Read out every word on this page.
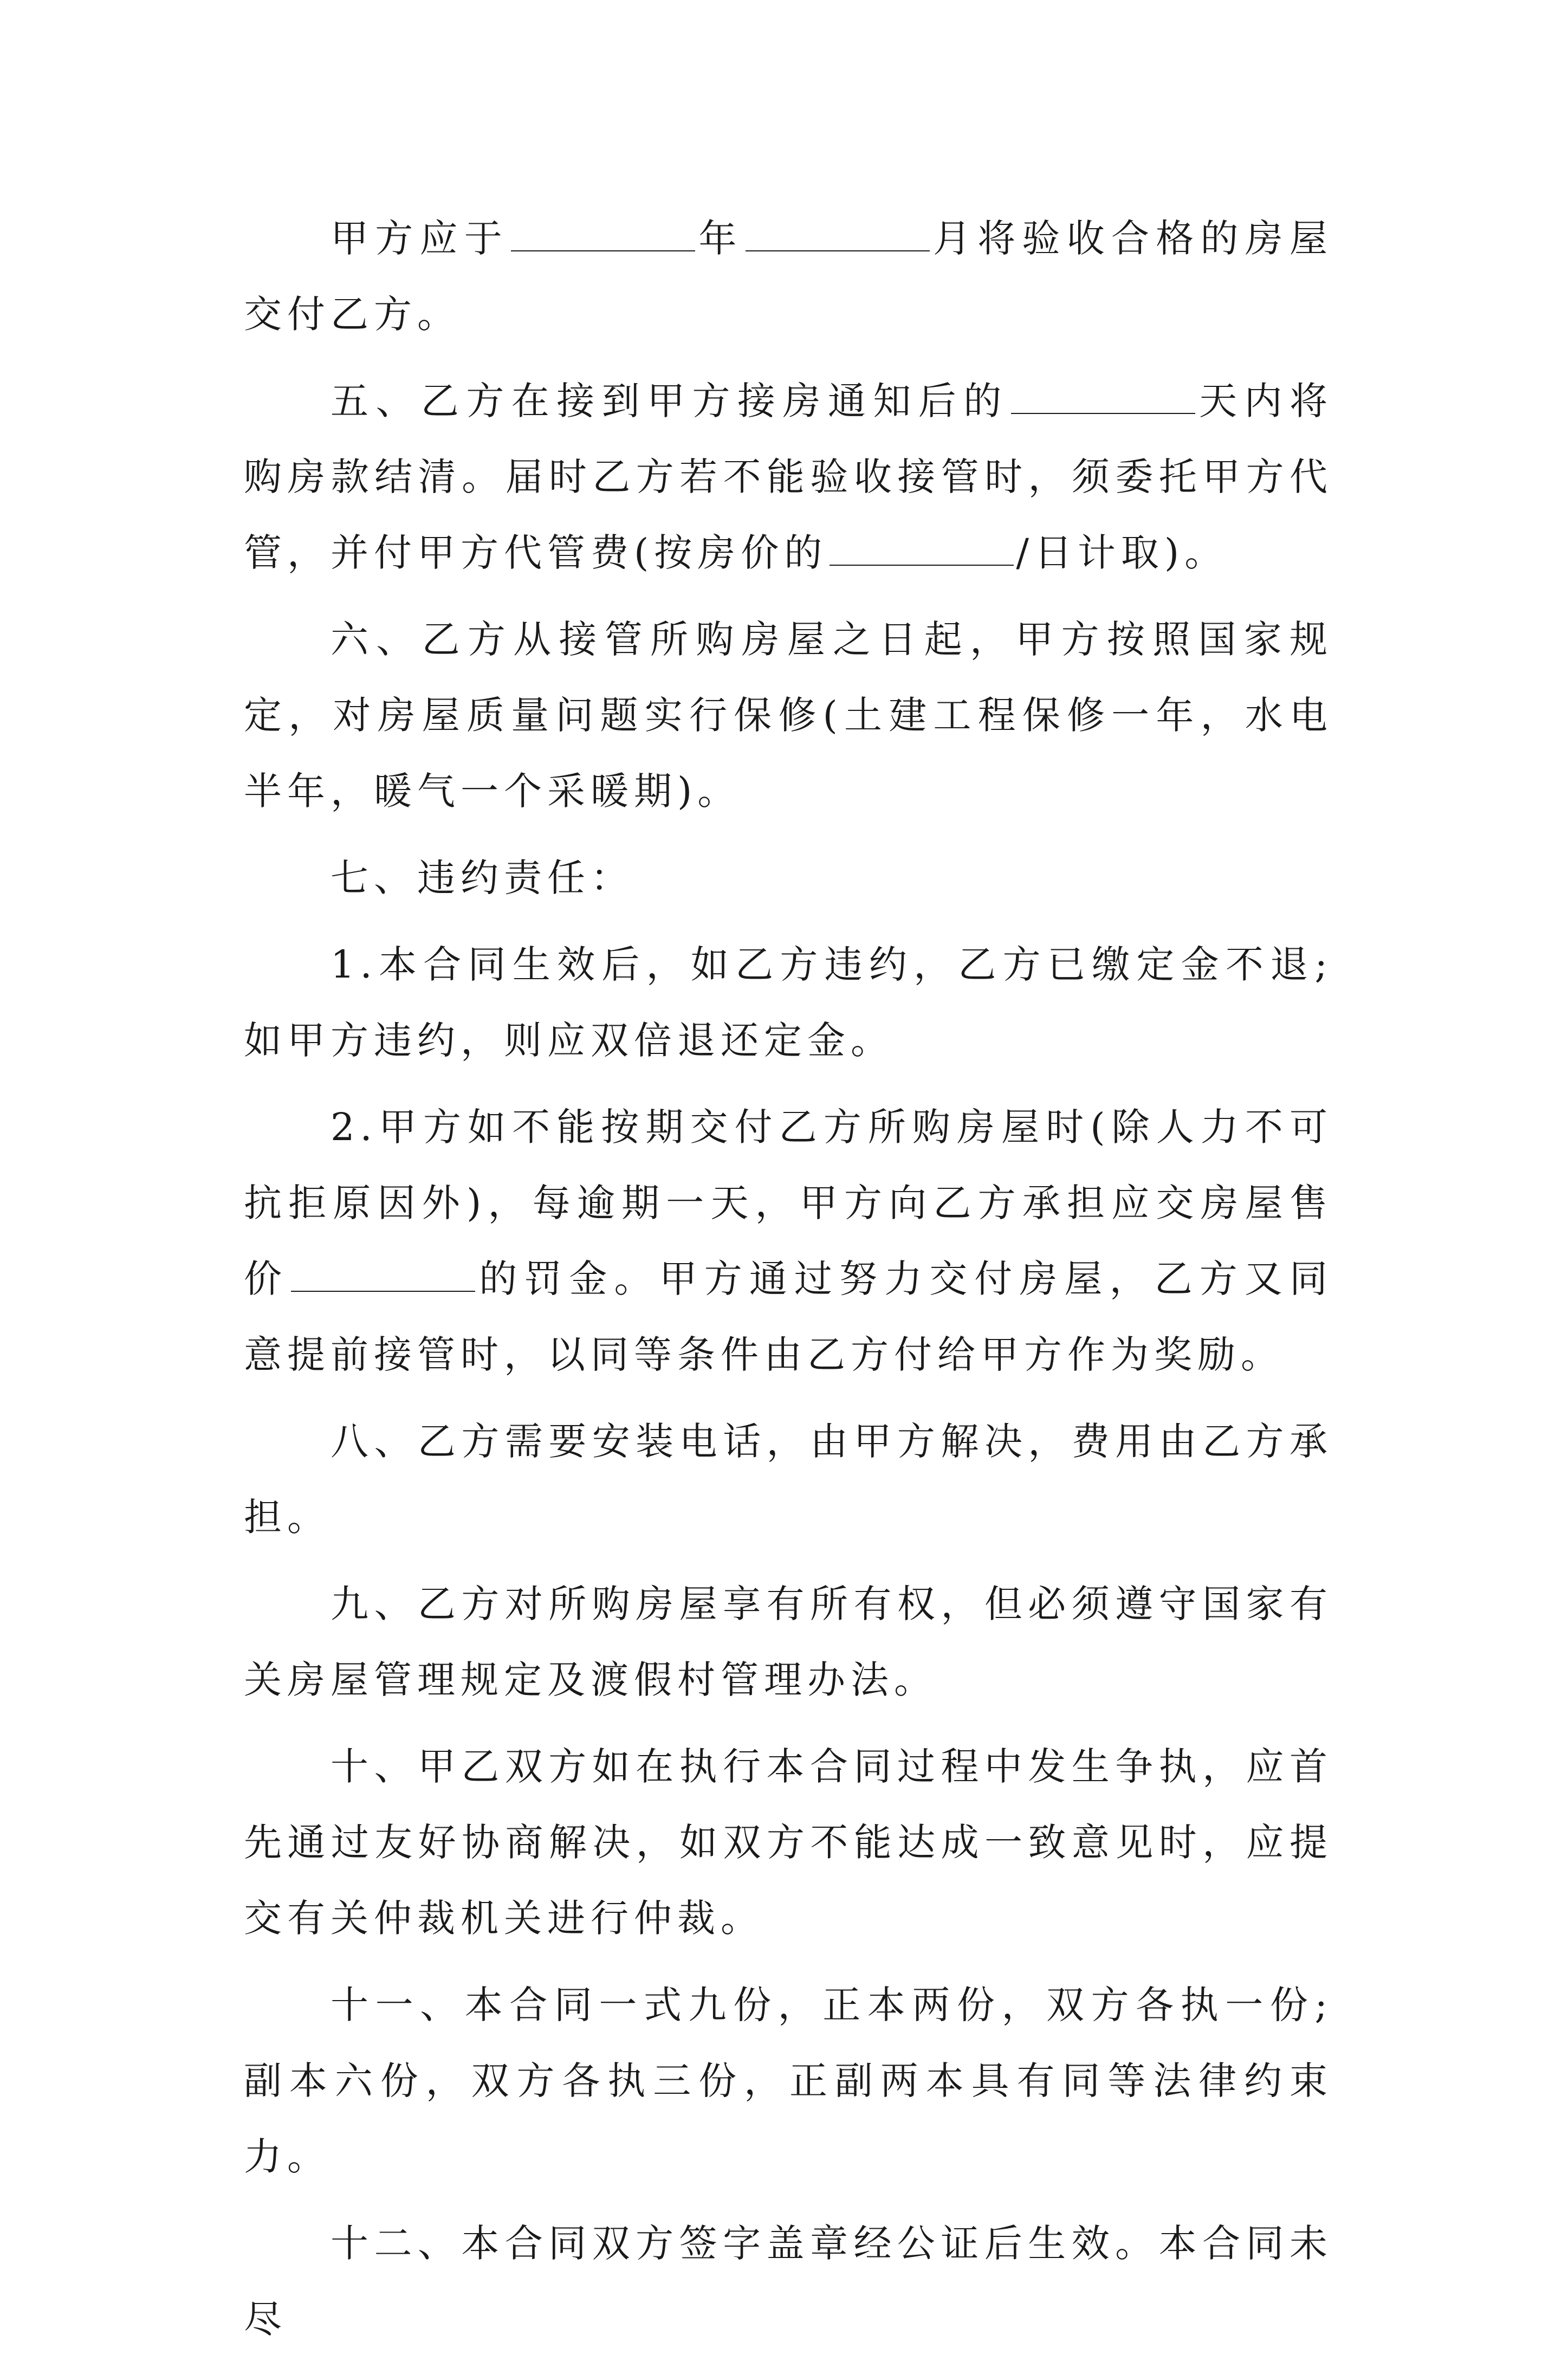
甲方应于	年	月将验收合格的房屋交付乙方。

五、乙方在接到甲方接房通知后的	天内将购房款结清。届时乙方若不能验收接管时，须委托甲方代管，并付甲方代管费(按房价的	/日计取)。

六、乙方从接管所购房屋之日起，甲方按照国家规定，对房屋质量问题实行保修(土建工程保修一年，水电半年，暖气一个采暖期)。

七、违约责任：

1.本合同生效后，如乙方违约，乙方已缴定金不退;如甲方违约，则应双倍退还定金。

2.甲方如不能按期交付乙方所购房屋时(除人力不可抗拒原因外)，每逾期一天，甲方向乙方承担应交房屋售价	的罚金。甲方通过努力交付房屋，乙方又同意提前接管时，以同等条件由乙方付给甲方作为奖励。

八、乙方需要安装电话，由甲方解决，费用由乙方承担。

九、乙方对所购房屋享有所有权，但必须遵守国家有关房屋管理规定及渡假村管理办法。

十、甲乙双方如在执行本合同过程中发生争执，应首先通过友好协商解决，如双方不能达成一致意见时，应提交有关仲裁机关进行仲裁。

十一、本合同一式九份，正本两份，双方各执一份;副本六份，双方各执三份，正副两本具有同等法律约束力。

十二、本合同双方签字盖章经公证后生效。本合同未尽
